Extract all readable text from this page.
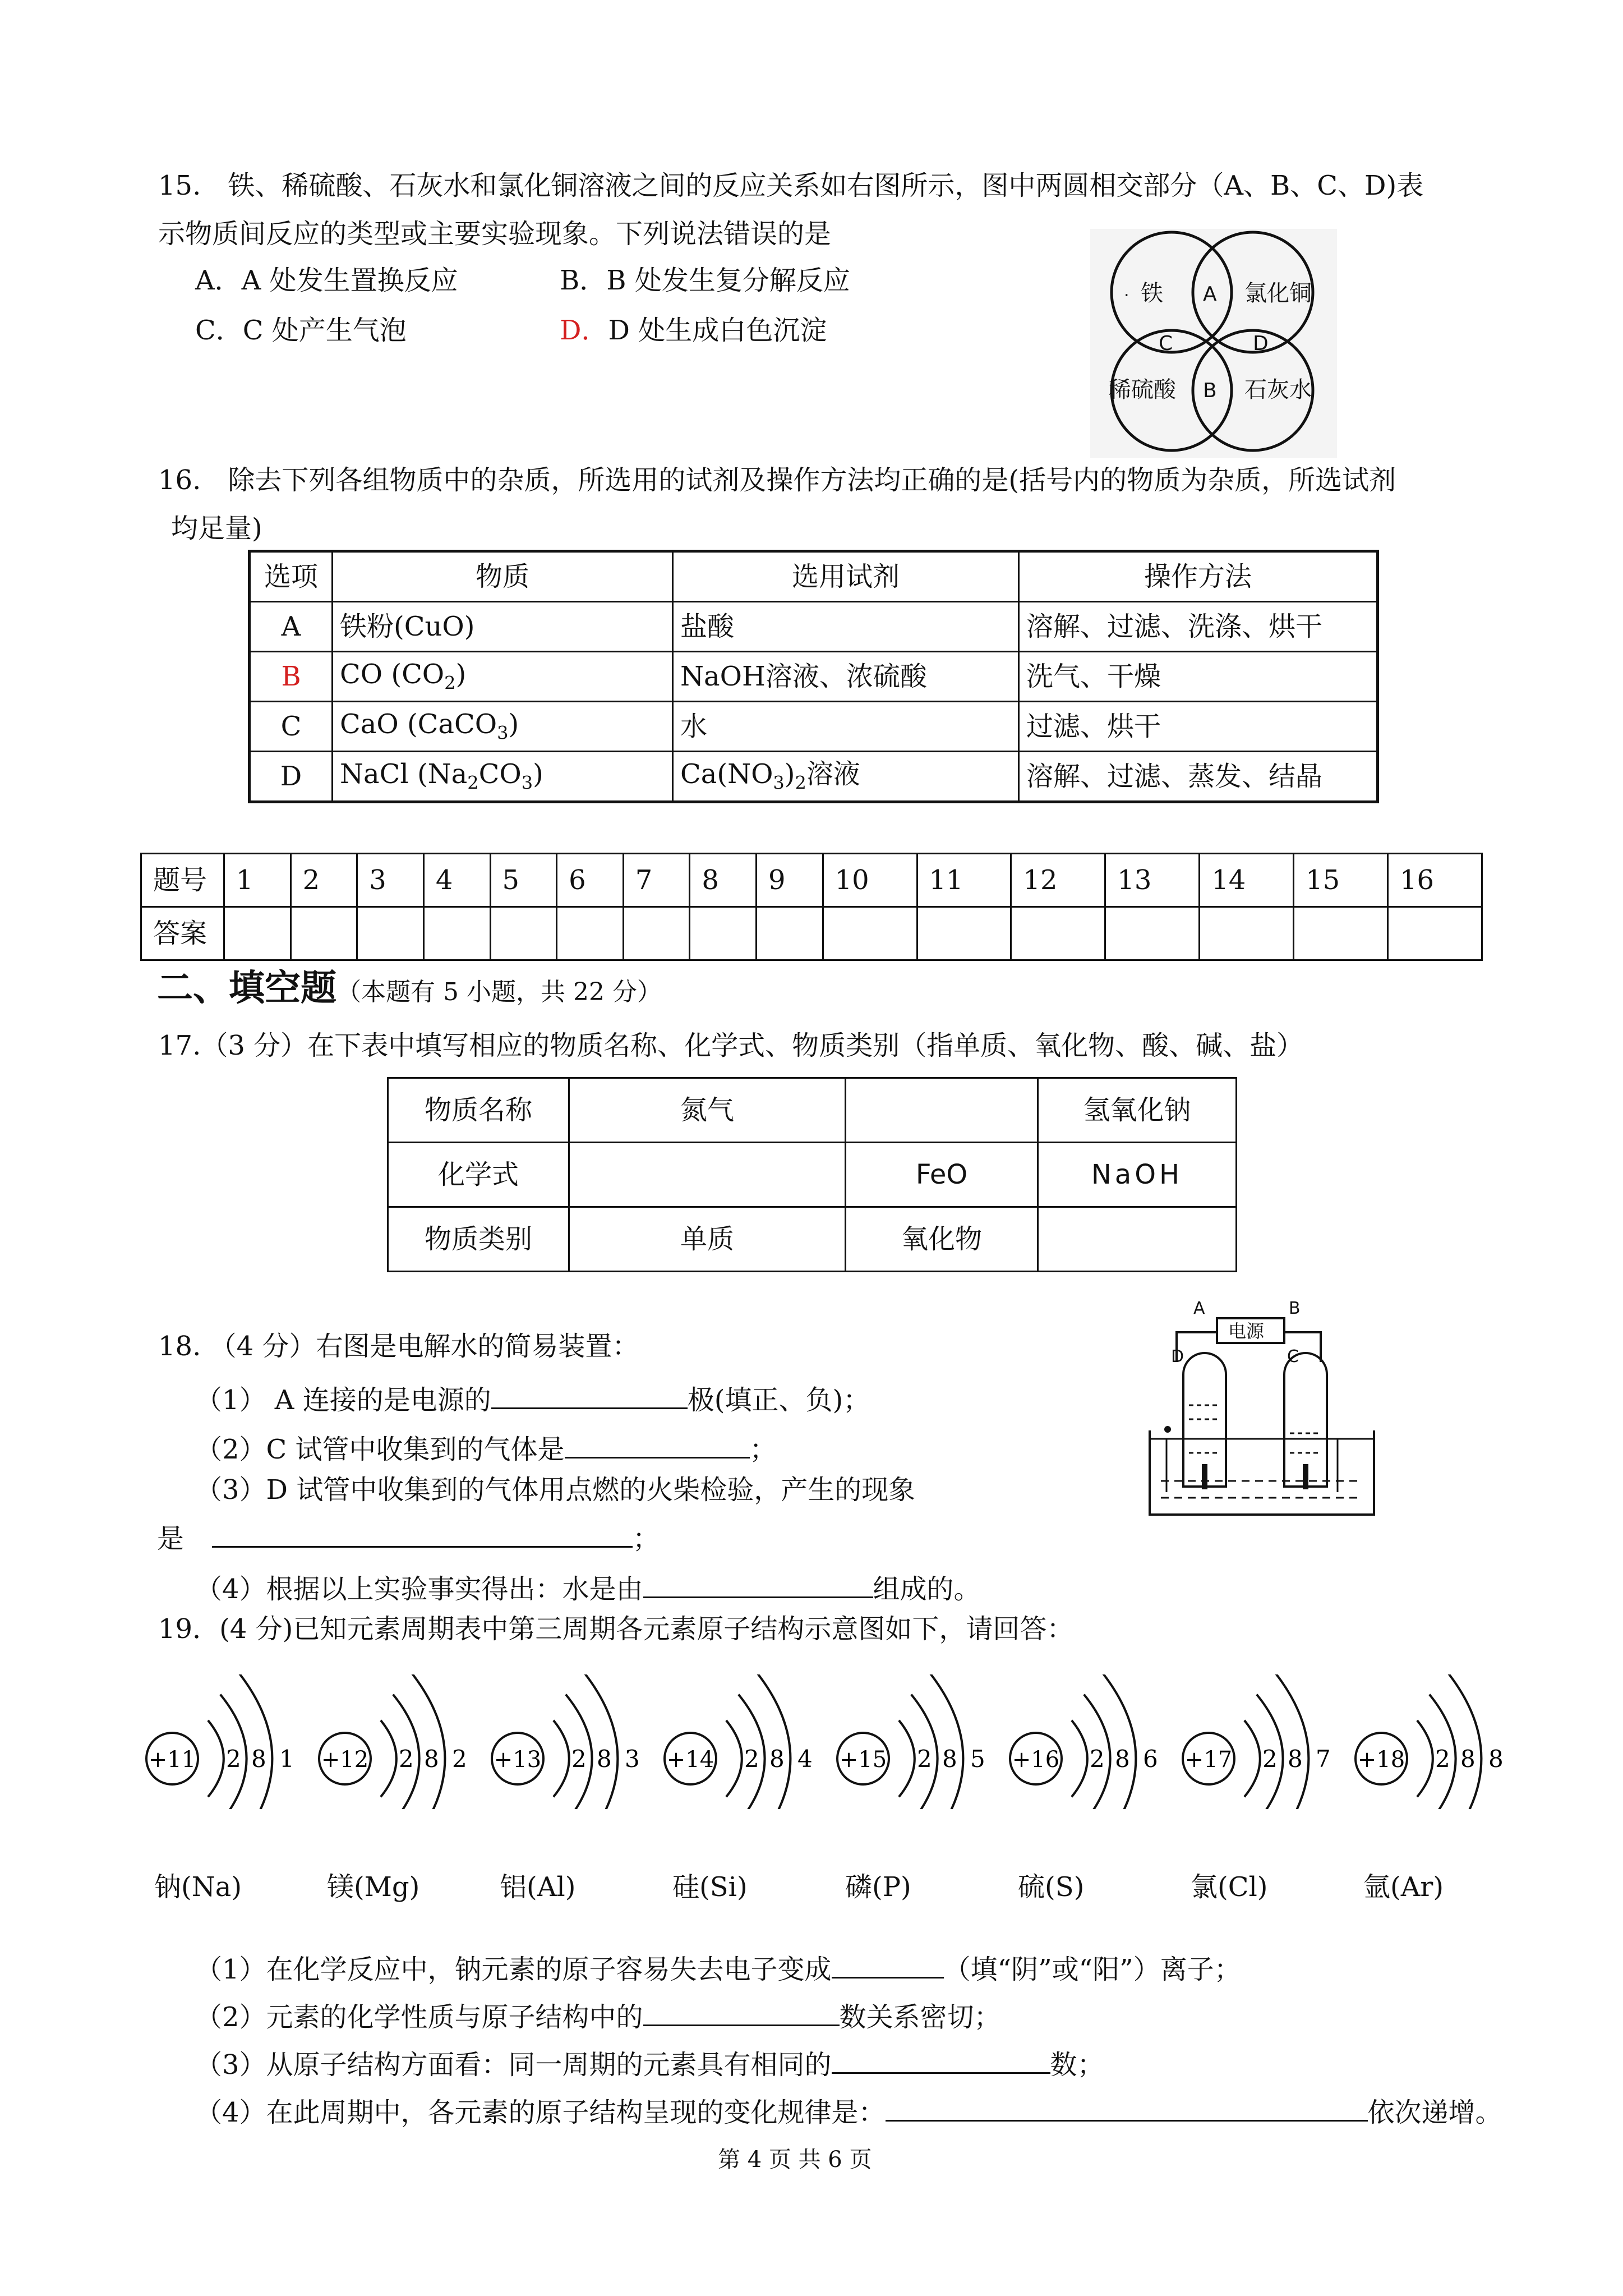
15.　铁、稀硫酸、石灰水和氯化铜溶液之间的反应关系如右图所示，图中两圆相交部分（A、B、C、D)表
示物质间反应的类型或主要实验现象。下列说法错误的是
A．A 处发生置换反应	B．B 处发生复分解反应
C．C 处产生气泡	D．D 处生成白色沉淀
铁
.	氯化铜
稀硫酸	石灰水
A
B
C	D
16.　除去下列各组物质中的杂质，所选用的试剂及操作方法均正确的是(括号内的物质为杂质，所选试剂
均足量)
选项	物质	选用试剂	操作方法
A	铁粉(CuO)	盐酸	溶解、过滤、洗涤、烘干
B	CO $(CO_2)$	NaOH溶液、浓硫酸	洗气、干燥
C	CaO (CaCO$_3$)	水	过滤、烘干
D	NaCl $(Na_2CO_3)$	$Ca(NO_3)_2$溶液	溶解、过滤、蒸发、结晶
题号	1	2	3	4	5	6	7	8	9	10	11	12	13	14	15	16
答案																
二、填空题（本题有 5 小题，共 22 分）
17.（3 分）在下表中填写相应的物质名称、化学式、物质类别（指单质、氧化物、酸、碱、盐）
物质名称	氮气		氢氧化钠
化学式		FeO	NaOH
物质类别	单质	氧化物	
18. （4 分）右图是电解水的简易装置：
（1） A 连接的是电源的	极(填正、负)；
（2）C 试管中收集到的气体是	；
（3）D 试管中收集到的气体用点燃的火柴检验，产生的现象
是	；
（4）根据以上实验事实得出：水是由	组成的。
A	B
电源
D	C
19．(4 分)已知元素周期表中第三周期各元素原子结构示意图如下，请回答：
+11 2 8 1
钠(Na)
+12 2 8 2
镁(Mg)
+13 2 8 3
铝(Al)
+14 2 8 4
硅(Si)
+15 2 8 5
磷(P)
+16 2 8 6
硫(S)
+17 2 8 7
氯(Cl)
+18 2 8 8
氩(Ar)
（1）在化学反应中，钠元素的原子容易失去电子变成	（填“阴”或“阳”）离子；
（2）元素的化学性质与原子结构中的	数关系密切；
（3）从原子结构方面看：同一周期的元素具有相同的	数；
（4）在此周期中，各元素的原子结构呈现的变化规律是：	依次递增。
第 4 页 共 6 页
